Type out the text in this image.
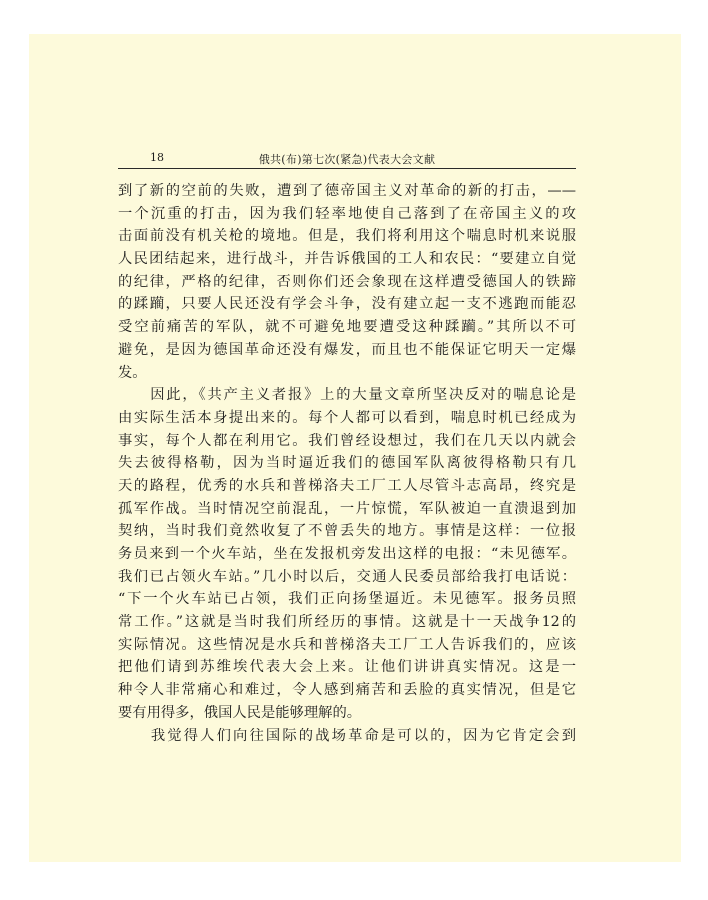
18	俄共(布)第七次(紧急)代表大会文献
到了新的空前的失败，遭到了德帝国主义对革命的新的打击，——
一个沉重的打击，因为我们轻率地使自己落到了在帝国主义的攻
击面前没有机关枪的境地。但是，我们将利用这个喘息时机来说服
人民团结起来，进行战斗，并告诉俄国的工人和农民：“要建立自觉
的纪律，严格的纪律，否则你们还会象现在这样遭受德国人的铁蹄
的蹂躏，只要人民还没有学会斗争，没有建立起一支不逃跑而能忍
受空前痛苦的军队，就不可避免地要遭受这种蹂躏。”其所以不可
避免，是因为德国革命还没有爆发，而且也不能保证它明天一定爆
发。
　　因此，《共产主义者报》上的大量文章所坚决反对的喘息论是
由实际生活本身提出来的。每个人都可以看到，喘息时机已经成为
事实，每个人都在利用它。我们曾经设想过，我们在几天以内就会
失去彼得格勒，因为当时逼近我们的德国军队离彼得格勒只有几
天的路程，优秀的水兵和普梯洛夫工厂工人尽管斗志高昂，终究是
孤军作战。当时情况空前混乱，一片惊慌，军队被迫一直溃退到加
契纳，当时我们竟然收复了不曾丢失的地方。事情是这样：一位报
务员来到一个火车站，坐在发报机旁发出这样的电报：“未见德军。
我们已占领火车站。”几小时以后，交通人民委员部给我打电话说：
“下一个火车站已占领，我们正向扬堡逼近。未见德军。报务员照
常工作。”这就是当时我们所经历的事情。这就是十一天战争12的
实际情况。这些情况是水兵和普梯洛夫工厂工人告诉我们的，应该
把他们请到苏维埃代表大会上来。让他们讲讲真实情况。这是一
种令人非常痛心和难过，令人感到痛苦和丢脸的真实情况，但是它
要有用得多，俄国人民是能够理解的。
　　我觉得人们向往国际的战场革命是可以的，因为它肯定会到
